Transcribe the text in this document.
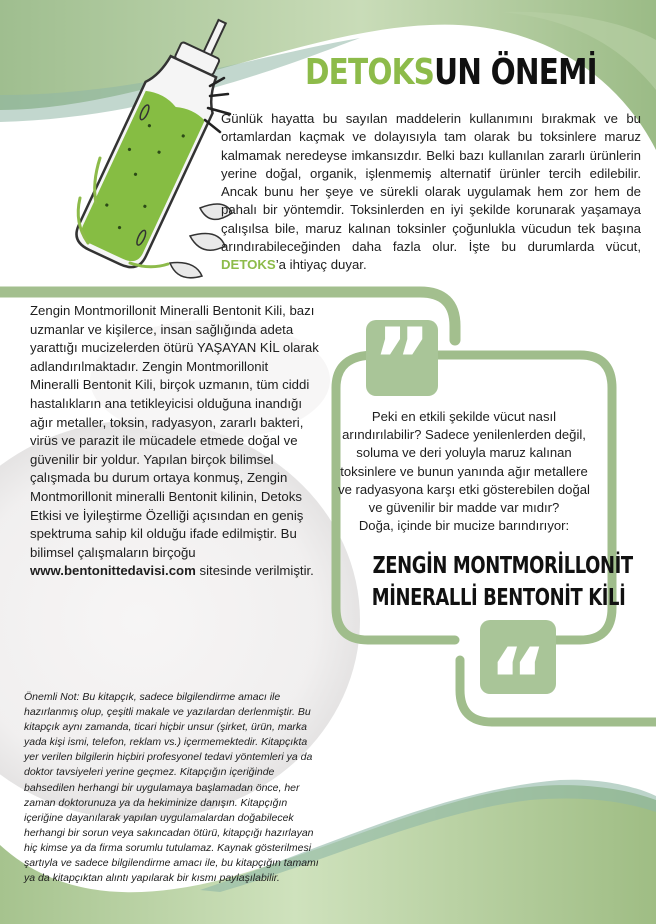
DETOKSUN ÖNEMİ
Günlük hayatta bu sayılan maddelerin kullanımını bırakmak ve bu ortamlardan kaçmak ve dolayısıyla tam olarak bu toksinlere maruz kalmamak neredeyse imkansızdır. Belki bazı kullanılan zararlı ürünlerin yerine doğal, organik, işlenmemiş alternatif ürünler tercih edilebilir. Ancak bunu her şeye ve sürekli olarak uygulamak hem zor hem de pahalı bir yöntemdir. Toksinlerden en iyi şekilde korunarak yaşamaya çalışılsa bile, maruz kalınan toksinler çoğunlukla vücudun tek başına arındırabileceğinden daha fazla olur. İşte bu durumlarda vücut, DETOKS’a ihtiyaç duyar.
”
“
Zengin Montmorillonit Mineralli Bentonit Kili, bazı uzmanlar ve kişilerce, insan sağlığında adeta yarattığı mucizelerden ötürü YAŞAYAN KİL olarak adlandırılmaktadır. Zengin Montmorillonit Mineralli Bentonit Kili, birçok uzmanın, tüm ciddi hastalıkların ana tetikleyicisi olduğuna inandığı ağır metaller, toksin, radyasyon, zararlı bakteri, virüs ve parazit ile mücadele etmede doğal ve güvenilir bir yoldur. Yapılan birçok bilimsel çalışmada bu durum ortaya konmuş, Zengin Montmorillonit mineralli Bentonit kilinin, Detoks Etkisi ve İyileştirme Özelliği açısından en geniş spektruma sahip kil olduğu ifade edilmiştir. Bu bilimsel çalışmaların birçoğu www.bentonittedavisi.com sitesinde verilmiştir.
Peki en etkili şekilde vücut nasıl arındırılabilir? Sadece yenilenlerden değil, soluma ve deri yoluyla maruz kalınan toksinlere ve bunun yanında ağır metallere ve radyasyona karşı etki gösterebilen doğal ve güvenilir bir madde var mıdır?
Doğa, içinde bir mucize barındırıyor:
ZENGİN MONTMORİLLONİT
MİNERALLİ BENTONİT KİLİ
Önemli Not: Bu kitapçık, sadece bilgilendirme amacı ile hazırlanmış olup, çeşitli makale ve yazılardan derlenmiştir. Bu kitapçık aynı zamanda, ticari hiçbir unsur (şirket, ürün, marka yada kişi ismi, telefon, reklam vs.) içermemektedir. Kitapçıkta yer verilen bilgilerin hiçbiri profesyonel tedavi yöntemleri ya da doktor tavsiyeleri yerine geçmez. Kitapçığın içeriğinde bahsedilen herhangi bir uygulamaya başlamadan önce, her zaman doktorunuza ya da hekiminize danışın. Kitapçığın içeriğine dayanılarak yapılan uygulamalardan doğabilecek herhangi bir sorun veya sakıncadan ötürü, kitapçığı hazırlayan hiç kimse ya da firma sorumlu tutulamaz. Kaynak gösterilmesi şartıyla ve sadece bilgilendirme amacı ile, bu kitapçığın tamamı ya da kitapçıktan alıntı yapılarak bir kısmı paylaşılabilir.
